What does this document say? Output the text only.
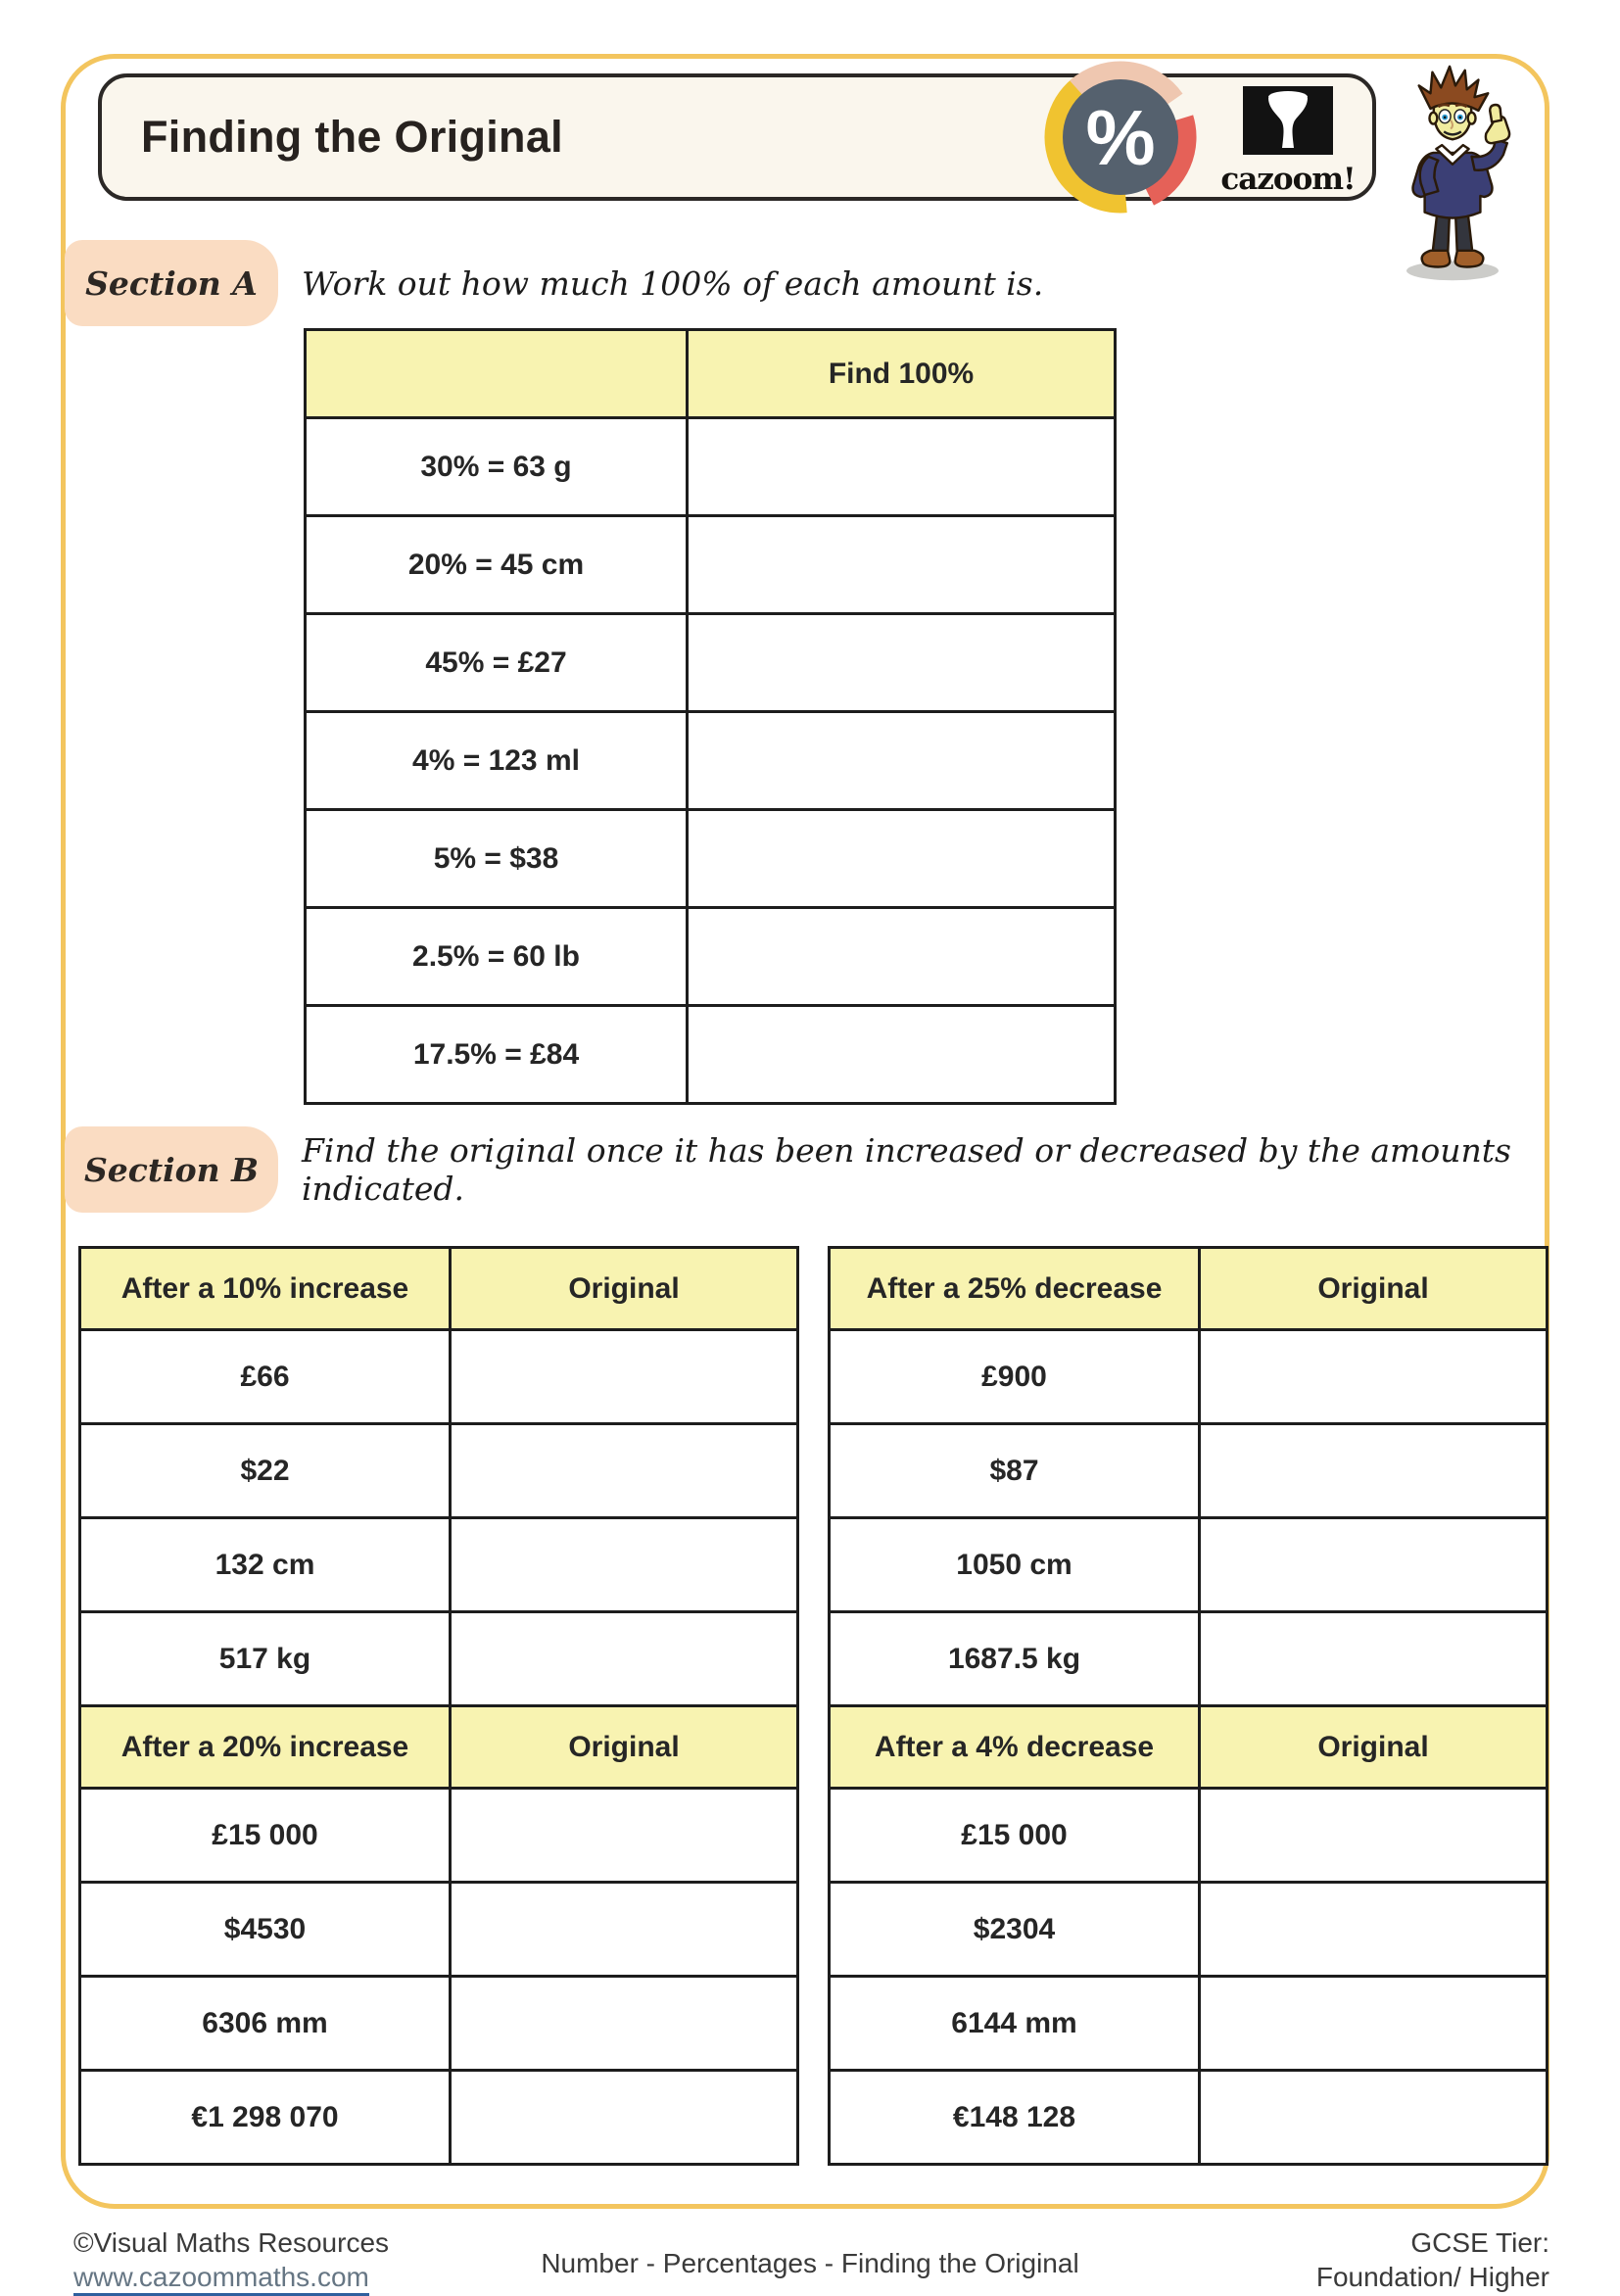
Finding the Original	% cazoom!
Section A	Work out how much 100% of each amount is.
	Find 100%
30% = 63 g	
20% = 45 cm	
45% = £27	
4% = 123 ml	
5% = $38	
2.5% = 60 lb	
17.5% = £84	
Section B	Find the original once it has been increased or decreased by the amounts indicated.
After a 10% increase	Original
£66	
$22	
132 cm	
517 kg	
After a 20% increase	Original
£15 000	
$4530	
6306 mm	
€1 298 070	
After a 25% decrease	Original
£900	
$87	
1050 cm	
1687.5 kg	
After a 4% decrease	Original
£15 000	
$2304	
6144 mm	
€148 128	
©Visual Maths Resources
www.cazoommaths.com	Number - Percentages - Finding the Original
GCSE Tier:
Foundation/ Higher
